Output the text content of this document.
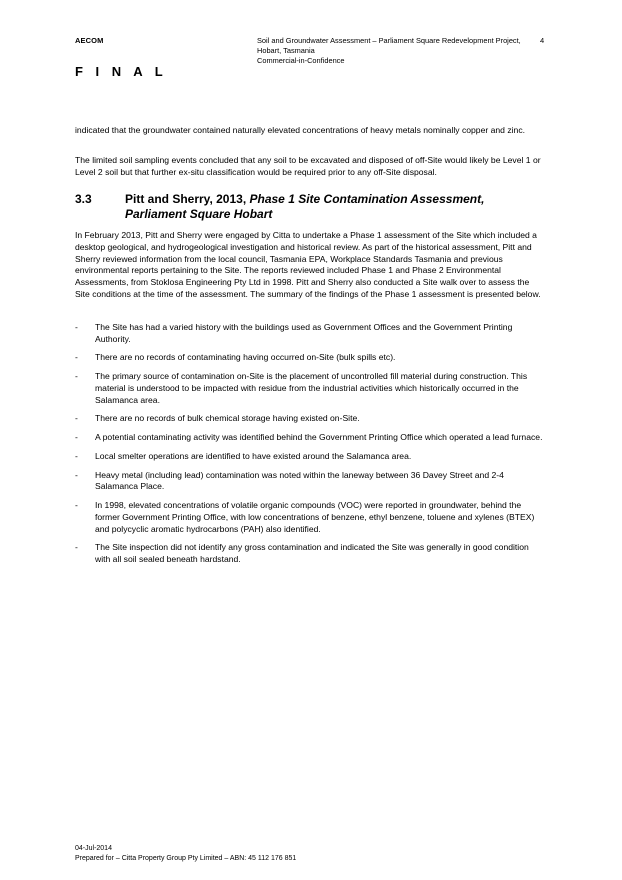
AECOM	Soil and Groundwater Assessment – Parliament Square Redevelopment Project,
Hobart, Tasmania
Commercial-in-Confidence
4
F I N A L
indicated that the groundwater contained naturally elevated concentrations of heavy metals nominally copper and zinc.
The limited soil sampling events concluded that any soil to be excavated and disposed of off-Site would likely be Level 1 or Level 2 soil but that further ex-situ classification would be required prior to any off-Site disposal.
3.3	Pitt and Sherry, 2013, Phase 1 Site Contamination Assessment, Parliament Square Hobart
In February 2013, Pitt and Sherry were engaged by Citta to undertake a Phase 1 assessment of the Site which included a desktop geological, and hydrogeological investigation and historical review. As part of the historical assessment, Pitt and Sherry reviewed information from the local council, Tasmania EPA, Workplace Standards Tasmania and previous environmental reports pertaining to the Site. The reports reviewed included Phase 1 and Phase 2 Environmental Assessments, from Stoklosa Engineering Pty Ltd in 1998. Pitt and Sherry also conducted a Site walk over to assess the Site conditions at the time of the assessment. The summary of the findings of the Phase 1 assessment is presented below.
- The Site has had a varied history with the buildings used as Government Offices and the Government Printing Authority.
- There are no records of contaminating having occurred on-Site (bulk spills etc).
- The primary source of contamination on-Site is the placement of uncontrolled fill material during construction. This material is understood to be impacted with residue from the industrial activities which historically occurred in the Salamanca area.
- There are no records of bulk chemical storage having existed on-Site.
- A potential contaminating activity was identified behind the Government Printing Office which operated a lead furnace.
- Local smelter operations are identified to have existed around the Salamanca area.
- Heavy metal (including lead) contamination was noted within the laneway between 36 Davey Street and 2-4 Salamanca Place.
- In 1998, elevated concentrations of volatile organic compounds (VOC) were reported in groundwater, behind the former Government Printing Office, with low concentrations of benzene, ethyl benzene, toluene and xylenes (BTEX) and polycyclic aromatic hydrocarbons (PAH) also identified.
- The Site inspection did not identify any gross contamination and indicated the Site was generally in good condition with all soil sealed beneath hardstand.
04-Jul-2014
Prepared for – Citta Property Group Pty Limited – ABN: 45 112 176 851
